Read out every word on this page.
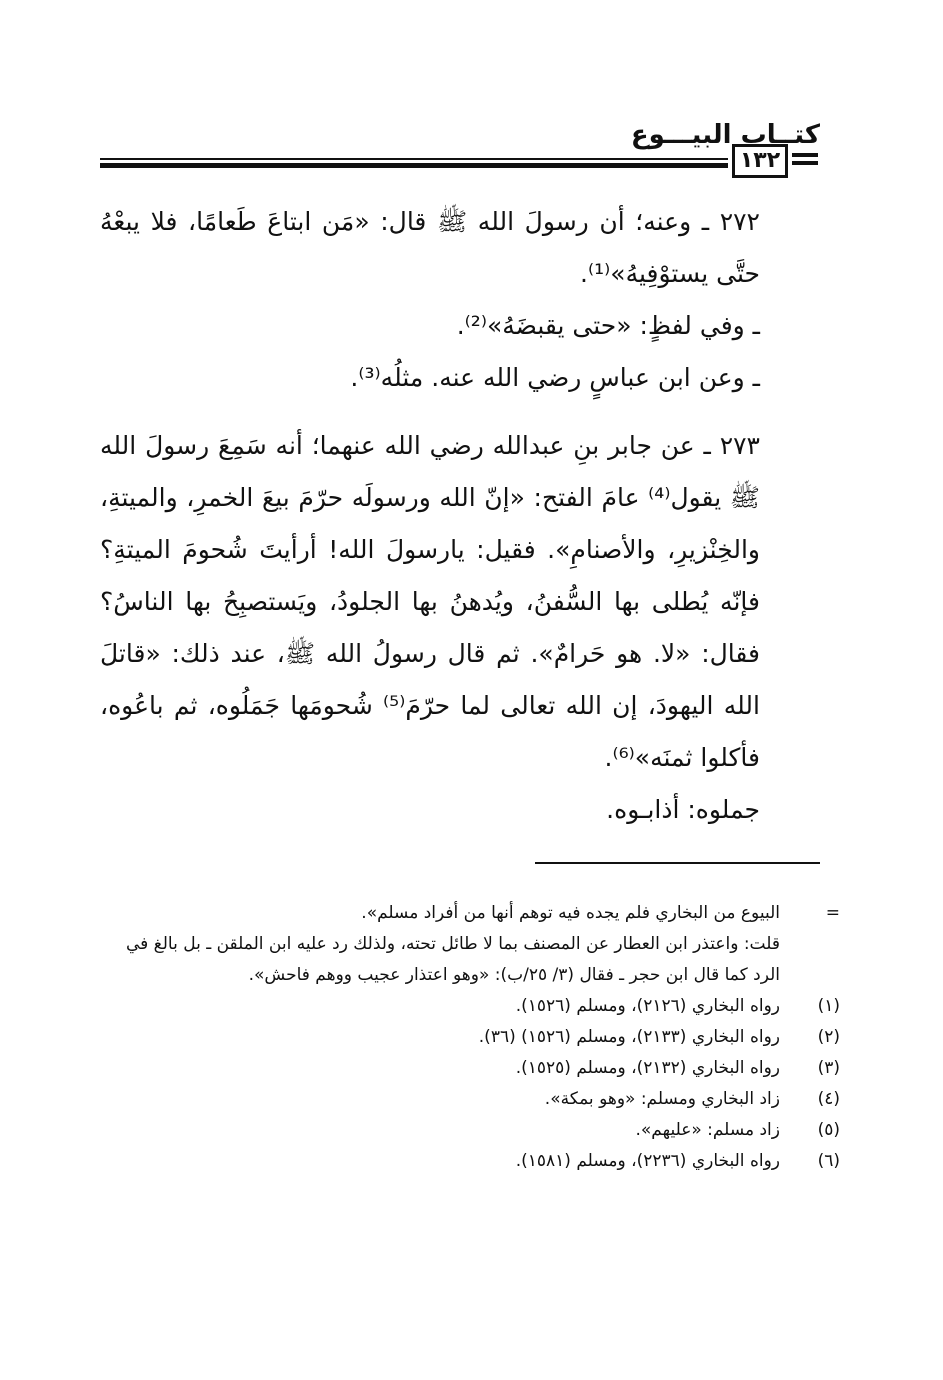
كتــاب البيـــوع
١٣٢

٢٧٢ ـ وعنه؛ أن رسولَ الله ﷺ قال: «مَن ابتاعَ طَعامًا، فلا يبعْهُ حتَّى يستوْفِيهُ»⁽¹⁾.

ـ وفي لفظٍ: «حتى يقبضَهُ»⁽²⁾.

ـ وعن ابن عباسٍ رضي الله عنه. مثلُه⁽³⁾.

٢٧٣ ـ عن جابر بنِ عبدالله رضي الله عنهما؛ أنه سَمِعَ رسولَ الله ﷺ يقول⁽⁴⁾ عامَ الفتح: «إنّ الله ورسولَه حرّمَ بيعَ الخمرِ، والميتةِ، والخِنْزيرِ، والأصنامِ». فقيل: يارسولَ الله! أرأيتَ شُحومَ الميتةِ؟ فإنّه يُطلى بها السُّفنُ، ويُدهنُ بها الجلودُ، ويَستصبِحُ بها الناسُ؟ فقال: «لا. هو حَرامٌ». ثم قال رسولُ الله ﷺ، عند ذلك: «قاتلَ الله اليهودَ، إن الله تعالى لما حرّمَ⁽⁵⁾ شُحومَها جَمَلُوه، ثم باعُوه، فأكلوا ثمنَه»⁽⁶⁾.

جملوه: أذابـوه.

=
البيوع من البخاري فلم يجده فيه توهم أنها من أفراد مسلم».
قلت: واعتذر ابن العطار عن المصنف بما لا طائل تحته، ولذلك رد عليه ابن الملقن ـ بل بالغ في الرد كما قال ابن حجر ـ فقال (٣/ ٢٥/ب): «وهو اعتذار عجيب ووهم فاحش».
(١)
رواه البخاري (٢١٢٦)، ومسلم (١٥٢٦).
(٢)
رواه البخاري (٢١٣٣)، ومسلم (١٥٢٦) (٣٦).
(٣)
رواه البخاري (٢١٣٢)، ومسلم (١٥٢٥).
(٤)
زاد البخاري ومسلم: «وهو بمكة».
(٥)
زاد مسلم: «عليهم».
(٦)
رواه البخاري (٢٢٣٦)، ومسلم (١٥٨١).
